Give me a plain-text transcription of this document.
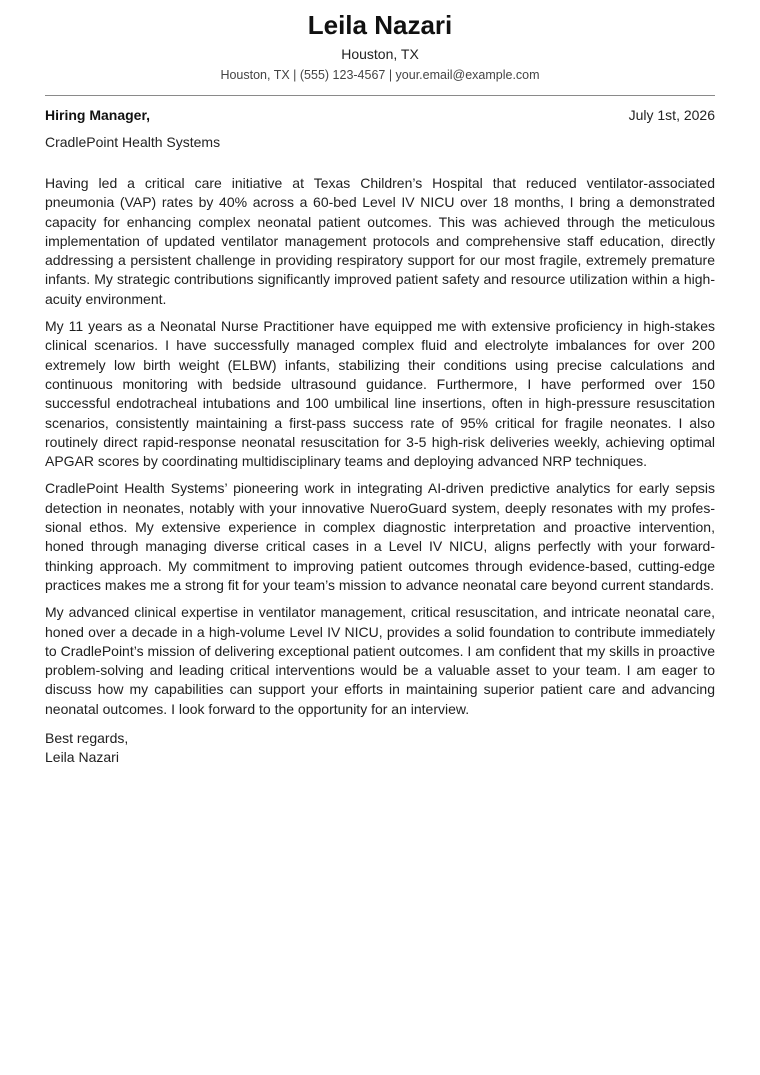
Leila Nazari
Houston, TX
Houston, TX | (555) 123-4567 | your.email@example.com
Hiring Manager,	July 1st, 2026
CradlePoint Health Systems

Having led a critical care initiative at Texas Children’s Hospital that reduced ventilator-associated pneumonia (VAP) rates by 40% across a 60-bed Level IV NICU over 18 months, I bring a demonstrated capacity for enhancing complex neonatal patient outcomes. This was achieved through the meticulous implementation of updated ventilator management protocols and comprehensive staff education, directly addressing a persistent challenge in providing respiratory support for our most fragile, extremely premature infants. My strategic contributions significantly improved patient safety and resource utilization within a high-acuity environment.

My 11 years as a Neonatal Nurse Practitioner have equipped me with extensive proficiency in high-stakes clinical scenarios. I have successfully managed complex fluid and electrolyte imbalances for over 200 extremely low birth weight (ELBW) infants, stabilizing their conditions using precise calculations and continuous monitoring with bedside ultrasound guidance. Furthermore, I have performed over 150 successful endotracheal intubations and 100 umbilical line insertions, often in high-pressure resuscitation scenarios, consistently maintaining a first-pass success rate of 95% critical for fragile neonates. I also routinely direct rapid-response neonatal resuscitation for 3-5 high-risk deliveries weekly, achieving optimal APGAR scores by coordinating multidisciplinary teams and deploying advanced NRP techniques.

CradlePoint Health Systems’ pioneering work in integrating AI-driven predictive analytics for early sepsis detection in neonates, notably with your innovative NueroGuard system, deeply resonates with my professional ethos. My extensive experience in complex diagnostic interpretation and proactive intervention, honed through managing diverse critical cases in a Level IV NICU, aligns perfectly with your forward-thinking approach. My commitment to improving patient outcomes through evidence-based, cutting-edge practices makes me a strong fit for your team’s mission to advance neonatal care beyond current standards.

My advanced clinical expertise in ventilator management, critical resuscitation, and intricate neonatal care, honed over a decade in a high-volume Level IV NICU, provides a solid foundation to contribute immediately to CradlePoint’s mission of delivering exceptional patient outcomes. I am confident that my skills in proactive problem-solving and leading critical interventions would be a valuable asset to your team. I am eager to discuss how my capabilities can support your efforts in maintaining superior patient care and advancing neonatal outcomes. I look forward to the opportunity for an interview.

Best regards,
Leila Nazari
